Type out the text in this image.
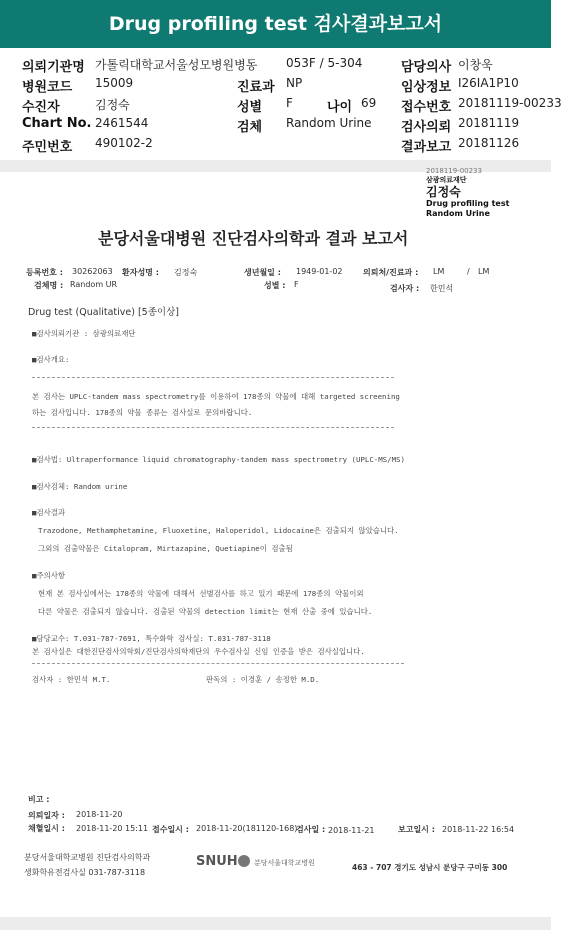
Drug profiling test 검사결과보고서
의뢰기관명 가톨릭대학교서울성모병원병동 053F / 5-304	담당의사 이창욱
병원코드 15009	진료과 NP	임상정보 I26IA1P10
수진자	김정숙	성별 F	나이 69 접수번호 20181119-00233
Chart No. 2461544	검체 Random Urine 검사의뢰 20181119
주민번호 490102-2	결과보고 20181126
2018119-00233
삼광의료재단
김정숙
Drug profiling test
Random Urine
분당서울대병원 진단검사의학과 결과 보고서
등록번호 : 30262063 환자성명 : 김정숙	생년월일 : 1949-01-02	의뢰처/진료과 : LM	/ LM
검체명 : Random UR	성별 : F	검사자 : 한민석
Drug test (Qualitative) [5종이상]
■검사의뢰기관 : 삼광의료재단
■검사개요:
본 검사는 UPLC-tandem mass spectrometry를 이용하여 178종의 약물에 대해 targeted screening
하는 검사입니다. 178종의 약물 종류는 검사실로 문의바랍니다.
■검사법: Ultraperformance liquid chromatography-tandem mass spectrometry (UPLC-MS/MS)
■검사검체: Random urine
■검사결과
Trazodone, Methamphetamine, Fluoxetine, Haloperidol, Lidocaine은 검출되지 않았습니다.
그외의 검출약물은 Citalopram, Mirtazapine, Quetiapine이 검출됨
■주의사항
현재 본 검사실에서는 178종의 약물에 대해서 선별검사를 하고 있기 때문에 178종의 약물이외
다른 약물은 검출되지 않습니다. 검출된 약물의 detection limit는 현재 산출 중에 있습니다.
■담당교수: T.031-787-7691, 특수화학 검사실: T.031-787-3118
본 검사실은 대한진단검사의학회/진단검사의학재단의 우수검사실 신임 인증을 받은 검사실입니다.
검사자 : 한민석 M.T.	판독의 : 이경훈 / 송정한 M.D.
비고 :
의뢰일자 : 2018-11-20
채혈일시 : 2018-11-20 15:11 접수일시 : 2018-11-20(181120-168)
검사일 : 2018-11-21	보고일시 : 2018-11-22 16:54
분당서울대학교병원 진단검사의학과
생화학유전검사실 031-787-3118
SNUH 분당서울대학교병원	463 - 707 경기도 성남시 분당구 구미동 300
